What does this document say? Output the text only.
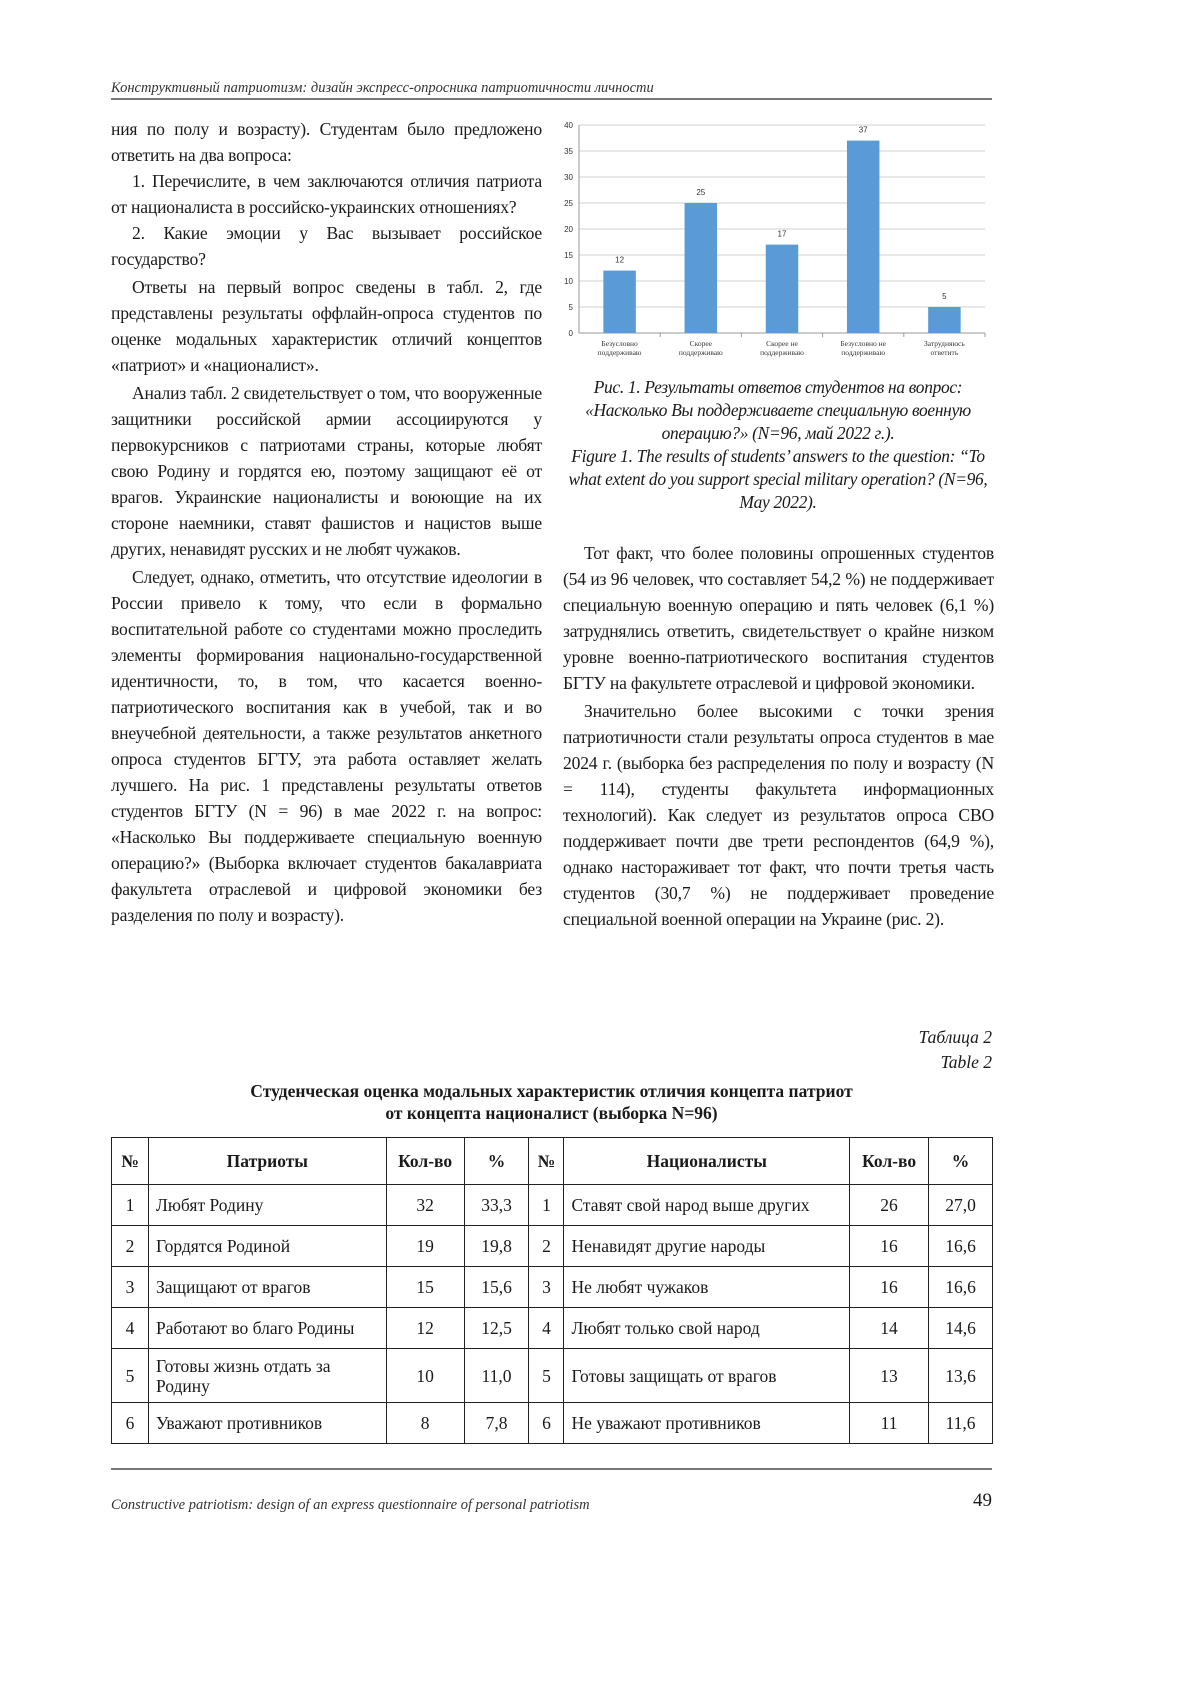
Конструктивный патриотизм: дизайн экспресс-опросника патриотичности личности

ния по полу и возрасту). Студентам было предложено ответить на два вопроса:

1. Перечислите, в чем заключаются отличия патриота от националиста в российско-украинских отношениях?

2. Какие эмоции у Вас вызывает российское государство?

Ответы на первый вопрос сведены в табл. 2, где представлены результаты оффлайн-опроса студентов по оценке модальных характеристик отличий концептов «патриот» и «националист».

Анализ табл. 2 свидетельствует о том, что вооруженные защитники российской армии ассоциируются у первокурсников с патриотами страны, которые любят свою Родину и гордятся ею, поэтому защищают её от врагов. Украинские националисты и воюющие на их стороне наемники, ставят фашистов и нацистов выше других, ненавидят русских и не любят чужаков.

Следует, однако, отметить, что отсутствие идеологии в России привело к тому, что если в формально воспитательной работе со студентами можно проследить элементы формирования национально-государственной идентичности, то, в том, что касается военно-патриотического воспитания как в учебой, так и во внеучебной деятельности, а также результатов анкетного опроса студентов БГТУ, эта работа оставляет желать лучшего. На рис. 1 представлены результаты ответов студентов БГТУ (N = 96) в мае 2022 г. на вопрос: «Насколько Вы поддерживаете специальную военную операцию?» (Выборка включает студентов бакалавриата факультета отраслевой и цифровой экономики без разделения по полу и возрасту).

0
5
10
15
20
25
30
35
40
12
Безусловно поддерживаю
25
Скорее поддерживаю
17
Скорее не поддерживаю
37
Безусловно не поддерживаю
5
Затрудняюсь ответить
Рис. 1. Результаты ответов студентов на вопрос: «Насколько Вы поддерживаете специальную военную операцию?» (N=96, май 2022 г.).
Figure 1. The results of students’ answers to the question: “To what extent do you support special military operation? (N=96, May 2022).

Тот факт, что более половины опрошенных студентов (54 из 96 человек, что составляет 54,2 %) не поддерживает специальную военную операцию и пять человек (6,1 %) затруднялись ответить, свидетельствует о крайне низком уровне военно-патриотического воспитания студентов БГТУ на факультете отраслевой и цифровой экономики.

Значительно более высокими с точки зрения патриотичности стали результаты опроса студентов в мае 2024 г. (выборка без распределения по полу и возрасту (N = 114), студенты факультета информационных технологий). Как следует из результатов опроса СВО поддерживает почти две трети респондентов (64,9 %), однако настораживает тот факт, что почти третья часть студентов (30,7 %) не поддерживает проведение специальной военной операции на Украине (рис. 2).

Таблица 2
Table 2
Студенческая оценка модальных характеристик отличия концепта патриот
от концепта националист (выборка N=96)
№	Патриоты	Кол-во	%	№	Националисты	Кол-во	%
1	Любят Родину	32	33,3	1	Ставят свой народ выше других	26	27,0
2	Гордятся Родиной	19	19,8	2	Ненавидят другие народы	16	16,6
3	Защищают от врагов	15	15,6	3	Не любят чужаков	16	16,6
4	Работают во благо Родины	12	12,5	4	Любят только свой народ	14	14,6
5	Готовы жизнь отдать за Родину	10	11,0	5	Готовы защищать от врагов	13	13,6
6	Уважают противников	8	7,8	6	Не уважают противников	11	11,6
Constructive patriotism: design of an express questionnaire of personal patriotism	49
